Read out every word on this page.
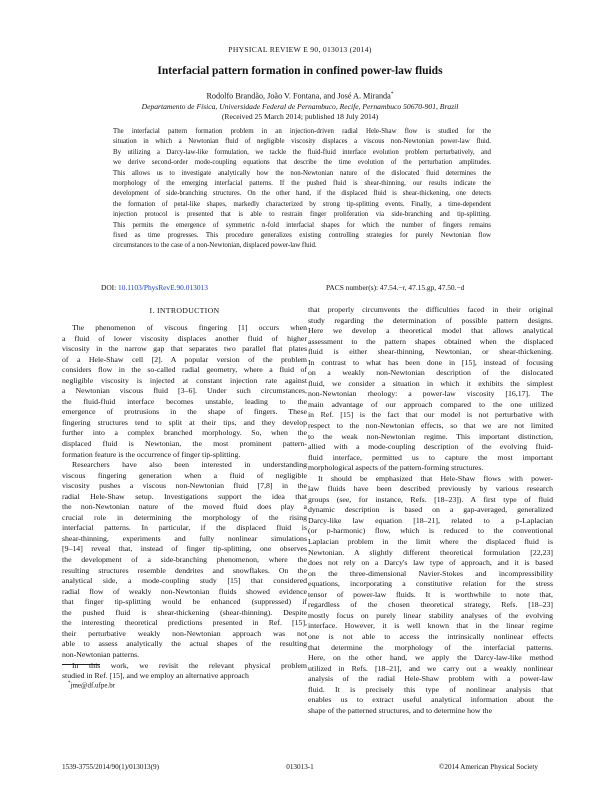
PHYSICAL REVIEW E 90, 013013 (2014)
Interfacial pattern formation in confined power-law fluids
Rodolfo Brandão, João V. Fontana, and José A. Miranda*
Departamento de Física, Universidade Federal de Pernambuco, Recife, Pernambuco 50670-901, Brazil
(Received 25 March 2014; published 18 July 2014)
The interfacial pattern formation problem in an injection-driven radial Hele-Shaw flow is studied for the
situation in which a Newtonian fluid of negligible viscosity displaces a viscous non-Newtonian power-law fluid.
By utilizing a Darcy-law-like formulation, we tackle the fluid-fluid interface evolution problem perturbatively, and
we derive second-order mode-coupling equations that describe the time evolution of the perturbation amplitudes.
This allows us to investigate analytically how the non-Newtonian nature of the dislocated fluid determines the
morphology of the emerging interfacial patterns. If the pushed fluid is shear-thinning, our results indicate the
development of side-branching structures. On the other hand, if the displaced fluid is shear-thickening, one detects
the formation of petal-like shapes, markedly characterized by strong tip-splitting events. Finally, a time-dependent
injection protocol is presented that is able to restrain finger proliferation via side-branching and tip-splitting.
This permits the emergence of symmetric n-fold interfacial shapes for which the number of fingers remains
fixed as time progresses. This procedure generalizes existing controlling strategies for purely Newtonian flow
circumstances to the case of a non-Newtonian, displaced power-law fluid.
DOI: 10.1103/PhysRevE.90.013013	PACS number(s): 47.54.−r, 47.15.gp, 47.50.−d
I. INTRODUCTION
The phenomenon of viscous fingering [1] occurs when
a fluid of lower viscosity displaces another fluid of higher
viscosity in the narrow gap that separates two parallel flat plates
of a Hele-Shaw cell [2]. A popular version of the problem
considers flow in the so-called radial geometry, where a fluid of
negligible viscosity is injected at constant injection rate against
a Newtonian viscous fluid [3–6]. Under such circumstances,
the fluid-fluid interface becomes unstable, leading to the
emergence of protrusions in the shape of fingers. These
fingering structures tend to split at their tips, and they develop
further into a complex branched morphology. So, when the
displaced fluid is Newtonian, the most prominent pattern-
formation feature is the occurrence of finger tip-splitting.
Researchers have also been interested in understanding
viscous fingering generation when a fluid of negligible
viscosity pushes a viscous non-Newtonian fluid [7,8] in the
radial Hele-Shaw setup. Investigations support the idea that
the non-Newtonian nature of the moved fluid does play a
crucial role in determining the morphology of the rising
interfacial patterns. In particular, if the displaced fluid is
shear-thinning, experiments and fully nonlinear simulations
[9–14] reveal that, instead of finger tip-splitting, one observes
the development of a side-branching phenomenon, where the
resulting structures resemble dendrites and snowflakes. On the
analytical side, a mode-coupling study [15] that considered
radial flow of weakly non-Newtonian fluids showed evidence
that finger tip-splitting would be enhanced (suppressed) if
the pushed fluid is shear-thickening (shear-thinning). Despite
the interesting theoretical predictions presented in Ref. [15],
their perturbative weakly non-Newtonian approach was not
able to assess analytically the actual shapes of the resulting
non-Newtonian patterns.
In this work, we revisit the relevant physical problem
studied in Ref. [15], and we employ an alternative approach
that properly circumvents the difficulties faced in their original
study regarding the determination of possible pattern designs.
Here we develop a theoretical model that allows analytical
assessment to the pattern shapes obtained when the displaced
fluid is either shear-thinning, Newtonian, or shear-thickening.
In contrast to what has been done in [15], instead of focusing
on a weakly non-Newtonian description of the dislocated
fluid, we consider a situation in which it exhibits the simplest
non-Newtonian rheology: a power-law viscosity [16,17]. The
main advantage of our approach compared to the one utilized
in Ref. [15] is the fact that our model is not perturbative with
respect to the non-Newtonian effects, so that we are not limited
to the weak non-Newtonian regime. This important distinction,
allied with a mode-coupling description of the evolving fluid-
fluid interface, permitted us to capture the most important
morphological aspects of the pattern-forming structures.
It should be emphasized that Hele-Shaw flows with power-
law fluids have been described previously by various research
groups (see, for instance, Refs. [18–23]). A first type of fluid
dynamic description is based on a gap-averaged, generalized
Darcy-like law equation [18–21], related to a p-Laplacian
(or p-harmonic) flow, which is reduced to the conventional
Laplacian problem in the limit where the displaced fluid is
Newtonian. A slightly different theoretical formulation [22,23]
does not rely on a Darcy's law type of approach, and it is based
on the three-dimensional Navier-Stokes and incompressibility
equations, incorporating a constitutive relation for the stress
tensor of power-law fluids. It is worthwhile to note that,
regardless of the chosen theoretical strategy, Refs. [18–23]
mostly focus on purely linear stability analyses of the evolving
interface. However, it is well known that in the linear regime
one is not able to access the intrinsically nonlinear effects
that determine the morphology of the interfacial patterns.
Here, on the other hand, we apply the Darcy-law-like method
utilized in Refs. [18–21], and we carry out a weakly nonlinear
analysis of the radial Hele-Shaw problem with a power-law
fluid. It is precisely this type of nonlinear analysis that
enables us to extract useful analytical information about the
shape of the patterned structures, and to determine how the
*jme@df.ufpe.br
1539-3755/2014/90(1)/013013(9)	013013-1	©2014 American Physical Society
